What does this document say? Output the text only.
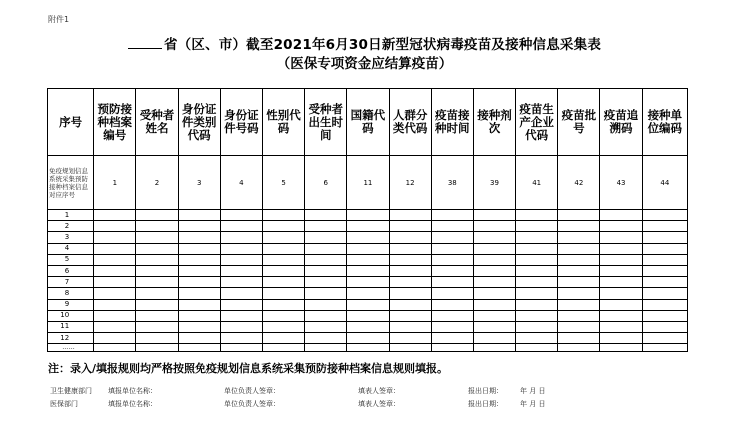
附件1
省（区、市）截至2021年6月30日新型冠状病毒疫苗及接种信息采集表
（医保专项资金应结算疫苗）
序号	预防接种档案编号	受种者姓名	身份证件类别代码	身份证件号码	性别代码	受种者出生时间	国籍代码	人群分类代码	疫苗接种时间	接种剂次	疫苗生产企业代码	疫苗批号	疫苗追溯码	接种单位编码

免疫规划信息系统采集预防接种档案信息对应序号	1	2	3	4	5	6	11	12	38	39	41	42	43	44
1														
2														
3														
4														
5														
6														
7														
8														
9														
10														
11														
12														
……														
注：录入/填报规则均严格按照免疫规划信息系统采集预防接种档案信息规则填报。
卫生健康部门 填报单位名称：	单位负责人签章：	填表人签章：	报出日期： 年 月 日
医保部门	填报单位名称：	单位负责人签章：	填表人签章：	报出日期： 年 月 日
